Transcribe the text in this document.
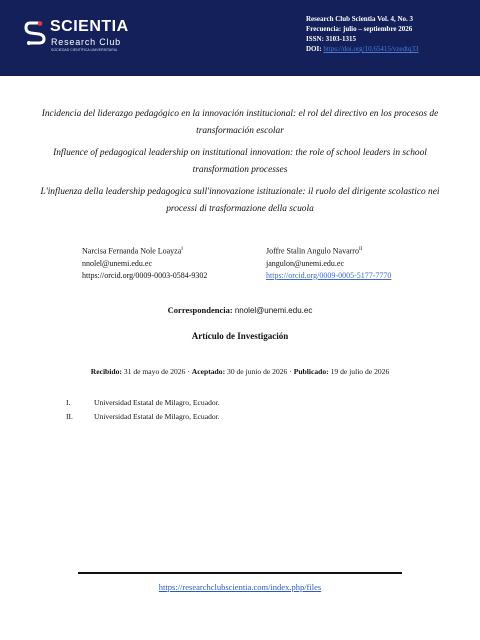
SCIENTIA
Research Club
SOCIEDAD CIENTÍFICA UNIVERSITARIA
Research Club Scientia Vol. 4, No. 3
Frecuencia: julio – septiembre 2026
ISSN: 3103-1315
DOI: https://doi.org/10.65415/vzedtq33

Incidencia del liderazgo pedagógico en la innovación institucional: el rol del directivo en los procesos de transformación escolar

Influence of pedagogical leadership on institutional innovation: the role of school leaders in school transformation processes

L'influenza della leadership pedagogica sull'innovazione istituzionale: il ruolo del dirigente scolastico nei processi di trasformazione della scuola

Narcisa Fernanda Nole Loayza$^I$
nnolel@unemi.edu.ec
https://orcid.org/0009-0003-0584-9302
Joffre Stalin Angulo Navarro$^{II}$
jangulon@unemi.edu.ec
https://orcid.org/0009-0005-5177-7770
Correspondencia: nnolel@unemi.edu.ec
Artículo de Investigación
Recibido: 31 de mayo de 2026 · Aceptado: 30 de junio de 2026 · Publicado: 19 de julio de 2026
I.	Universidad Estatal de Milagro, Ecuador.
II.	Universidad Estatal de Milagro, Ecuador.
https://researchclubscientia.com/index.php/files
